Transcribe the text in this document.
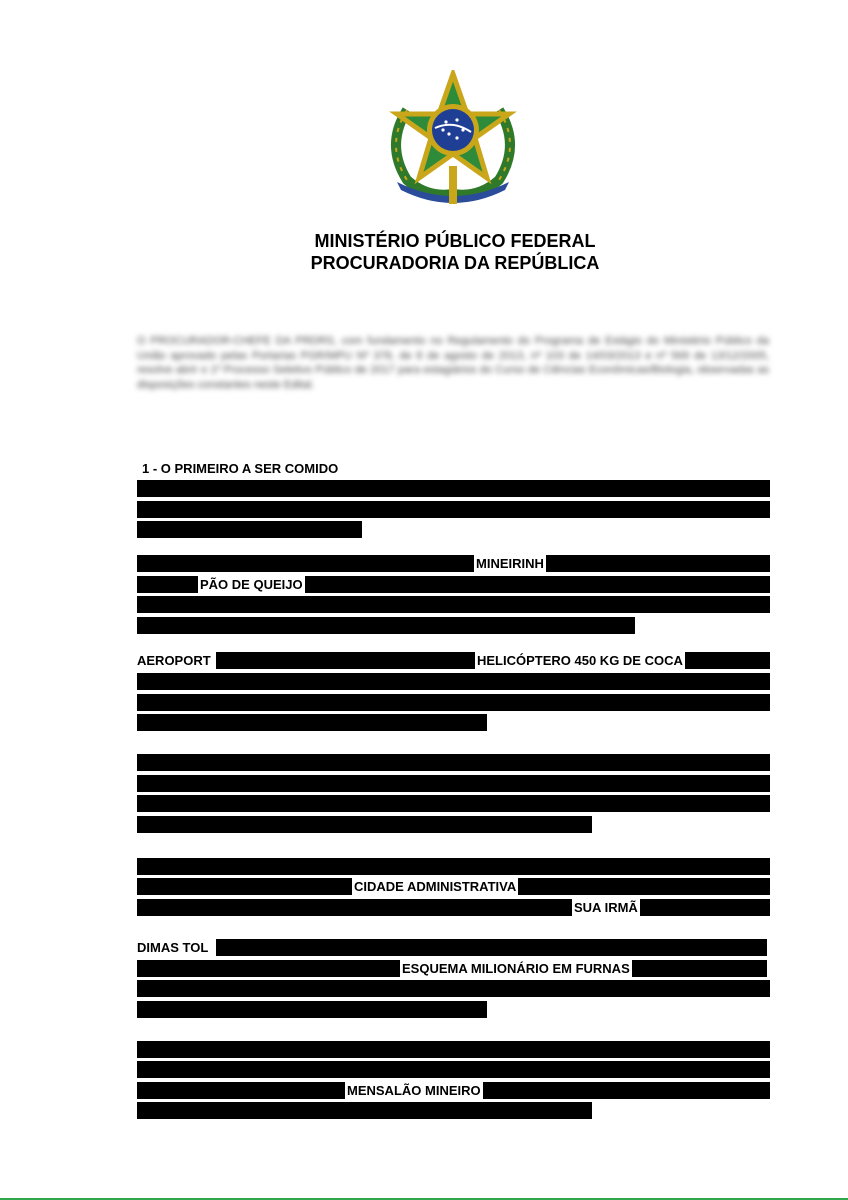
MINISTÉRIO PÚBLICO FEDERAL
PROCURADORIA DA REPÚBLICA
O PROCURADOR-CHEFE DA PRDRS, com fundamento no Regulamento do Programa de Estágio do Ministério Público da União aprovado pelas Portarias PGR/MPU Nº 378, de 8 de agosto de 2013, nº 103 de 14/03/2013 e nº 569 de 13/12/2005, resolve abrir o 1º Processo Seletivo Público de 2017 para estagiários do Curso de Ciências Econômicas/Biologia, observadas as disposições constantes neste Edital.
1 - O PRIMEIRO A SER COMIDO
MINEIRINH
PÃO DE QUEIJO
AEROPORT	HELICÓPTERO 450 KG DE COCA
CIDADE ADMINISTRATIVA
SUA IRMÃ
DIMAS TOL
ESQUEMA MILIONÁRIO EM FURNAS
MENSALÃO MINEIRO
